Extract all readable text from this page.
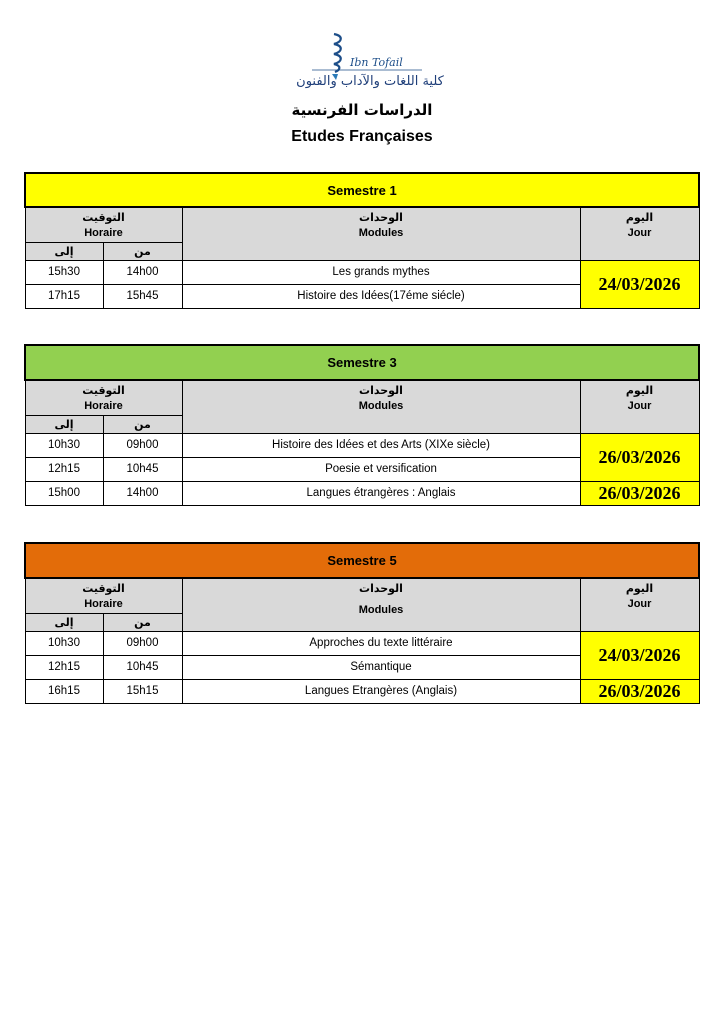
Ibn Tofail
كلية اللغات والآداب والفنون
الدراسات الفرنسية
Etudes Françaises
Semestre 1			
التوقيت
Horaire		الوحدات
Modules	اليوم
Jour
إلى	من		
15h30	14h00	Les grands mythes	24/03/2026
17h15	15h45	Histoire des Idées(17éme siécle)	
Semestre 3			
التوقيت
Horaire		الوحدات
Modules	اليوم
Jour
إلى	من		
10h30	09h00	Histoire des Idées et des Arts (XIXe siècle)	26/03/2026
12h15	10h45	Poesie et versification	
15h00	14h00	Langues étrangères : Anglais	26/03/2026
Semestre 5			
التوقيت
Horaire		الوحدات
Modules	اليوم
Jour
إلى	من		
10h30	09h00	Approches du texte littéraire	24/03/2026
12h15	10h45	Sémantique	
16h15	15h15	Langues Etrangères (Anglais)	26/03/2026
